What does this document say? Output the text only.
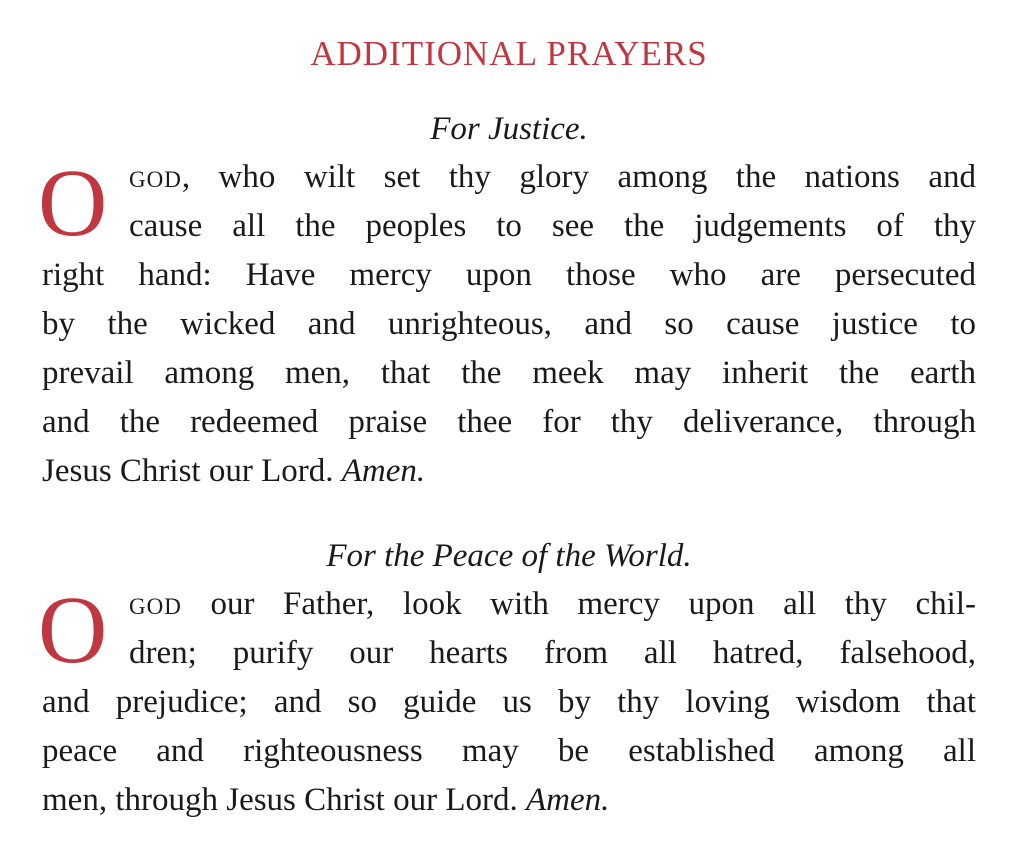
ADDITIONAL PRAYERS
For Justice.
O god, who wilt set thy glory among the nations and
cause all the peoples to see the judgements of thy
right hand: Have mercy upon those who are persecuted
by the wicked and unrighteous, and so cause justice to
prevail among men, that the meek may inherit the earth
and the redeemed praise thee for thy deliverance, through
Jesus Christ our Lord. Amen.
For the Peace of the World.
O god our Father, look with mercy upon all thy chil-
dren; purify our hearts from all hatred, falsehood,
and prejudice; and so guide us by thy loving wisdom that
peace and righteousness may be established among all
men, through Jesus Christ our Lord. Amen.
